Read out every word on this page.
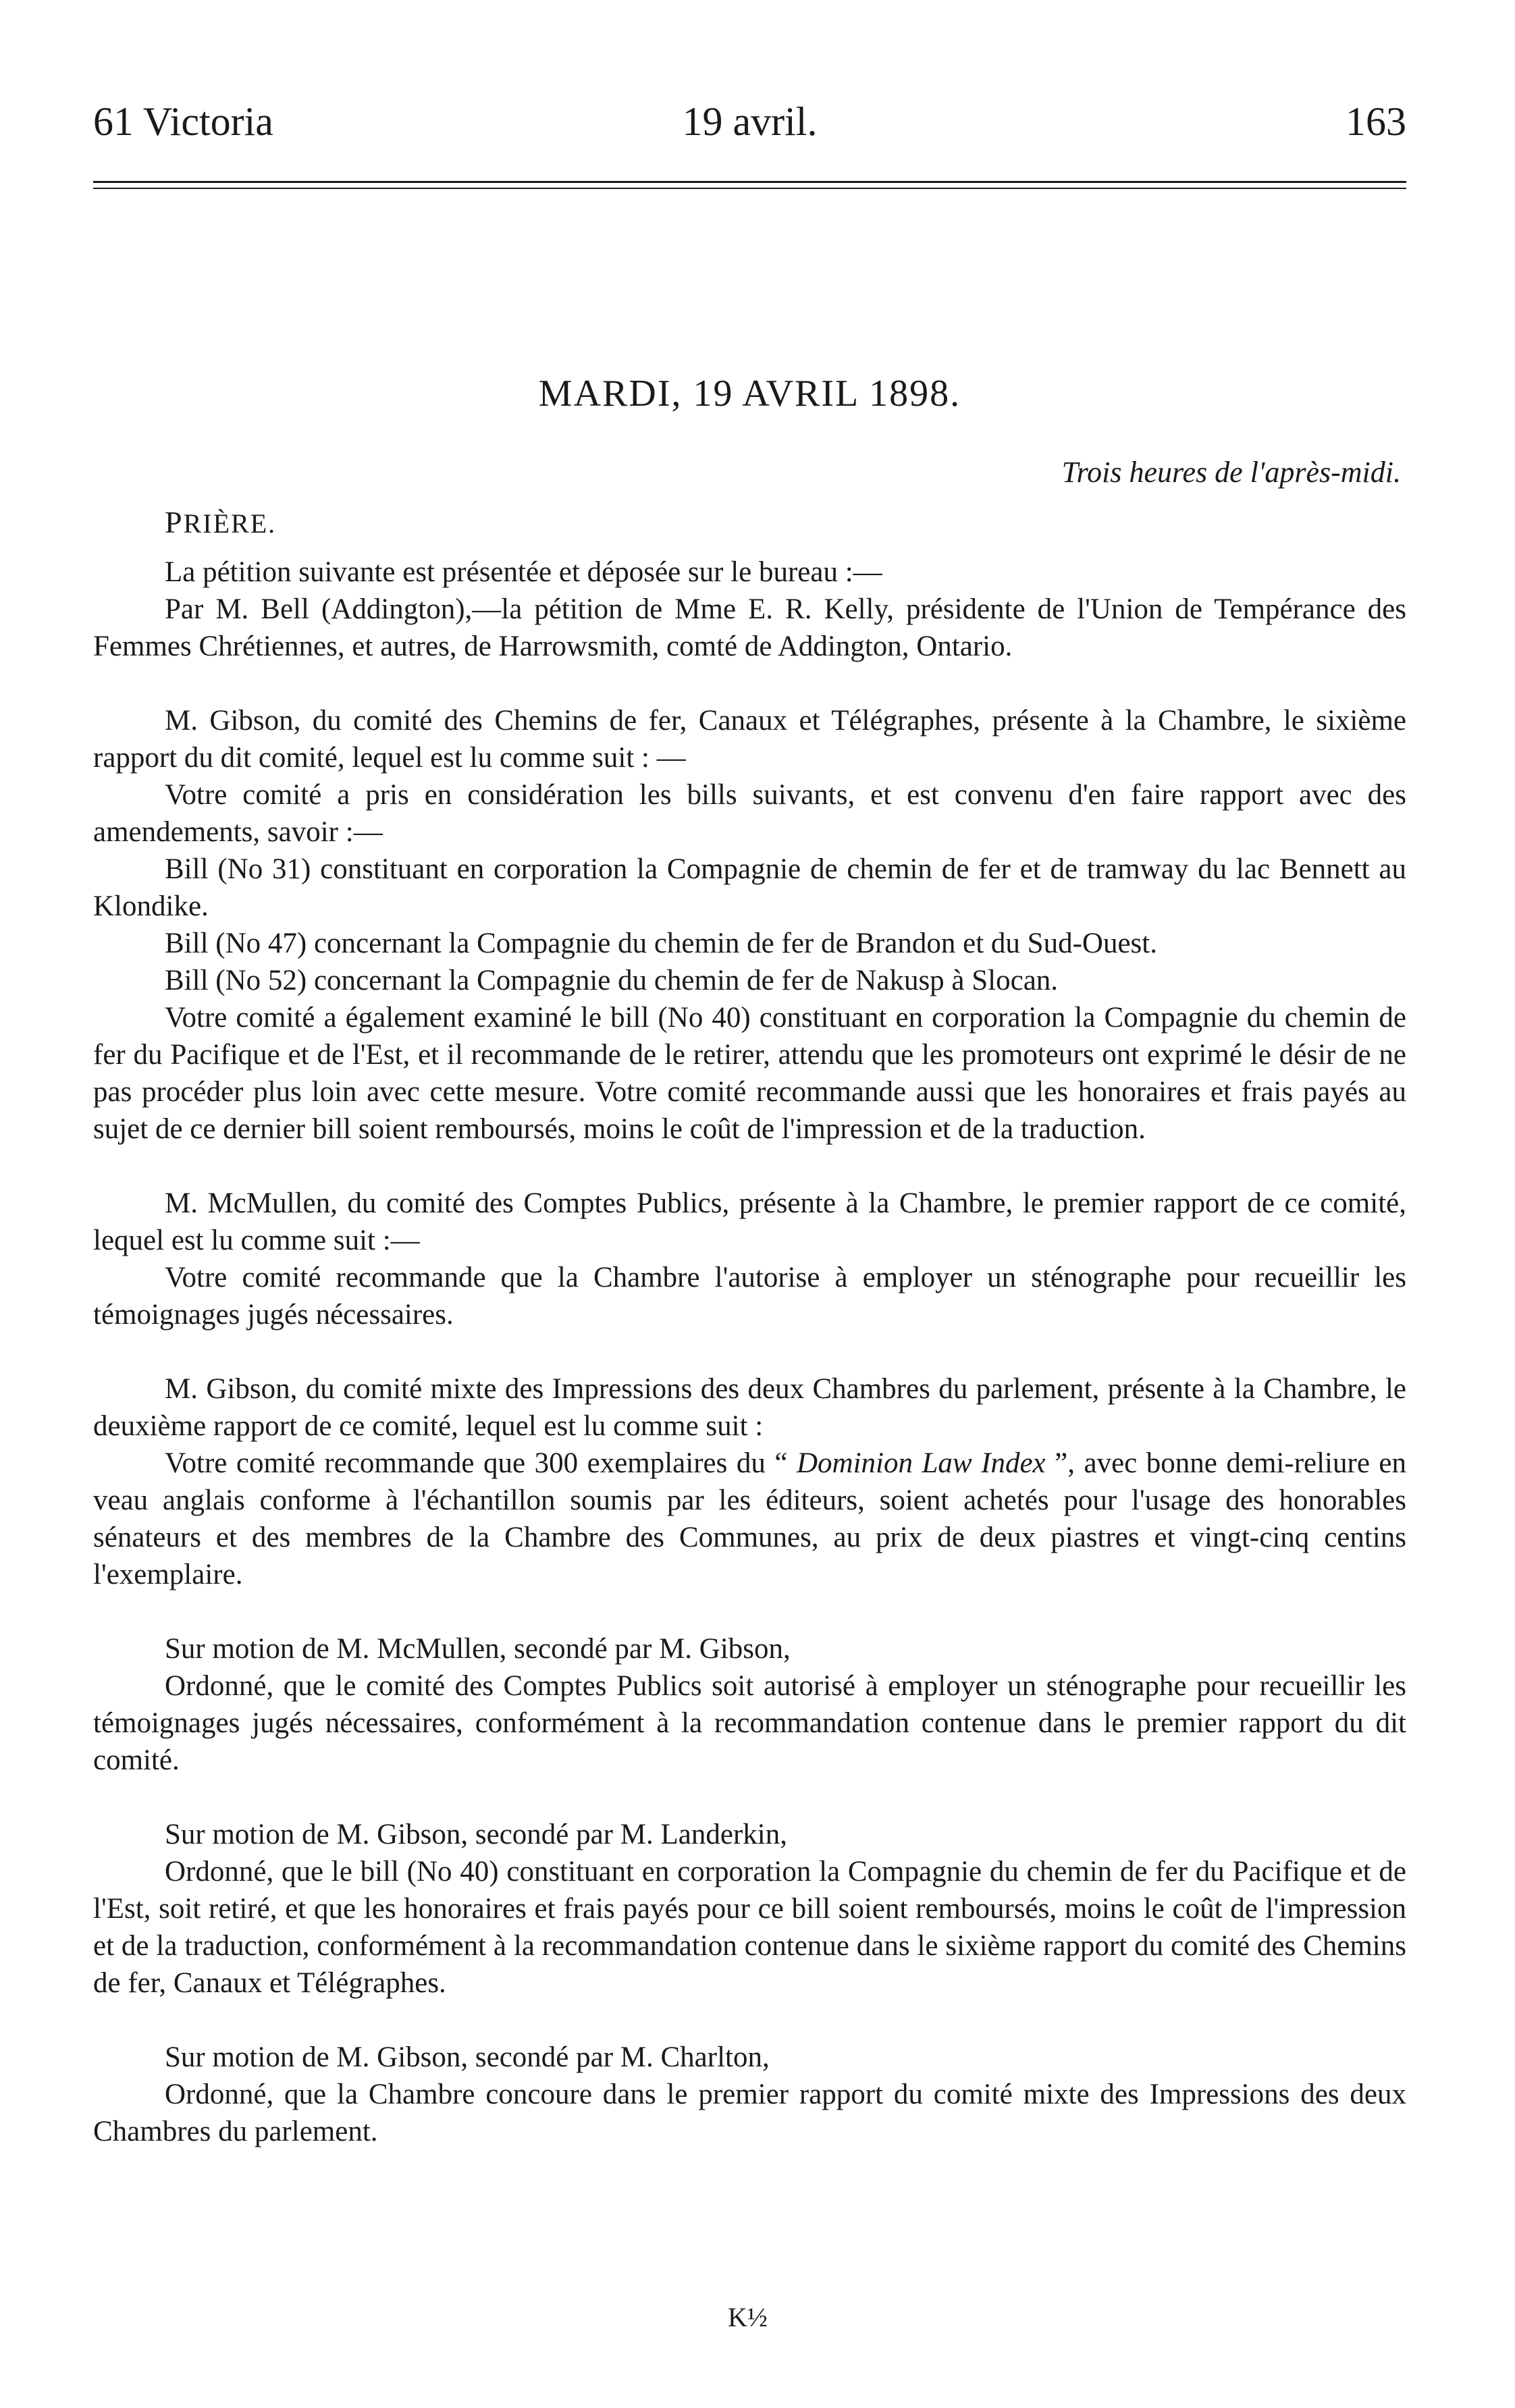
61 Victoria	19 avril.	163
MARDI, 19 AVRIL 1898.
Trois heures de l'après-midi.
PRIÈRE.

La pétition suivante est présentée et déposée sur le bureau :—

Par M. Bell (Addington),—la pétition de Mme E. R. Kelly, présidente de l'Union de Tempérance des Femmes Chrétiennes, et autres, de Harrowsmith, comté de Addington, Ontario.

M. Gibson, du comité des Chemins de fer, Canaux et Télégraphes, présente à la Chambre, le sixième rapport du dit comité, lequel est lu comme suit : —

Votre comité a pris en considération les bills suivants, et est convenu d'en faire rapport avec des amendements, savoir :—

Bill (No 31) constituant en corporation la Compagnie de chemin de fer et de tramway du lac Bennett au Klondike.

Bill (No 47) concernant la Compagnie du chemin de fer de Brandon et du Sud-Ouest.

Bill (No 52) concernant la Compagnie du chemin de fer de Nakusp à Slocan.

Votre comité a également examiné le bill (No 40) constituant en corporation la Compagnie du chemin de fer du Pacifique et de l'Est, et il recommande de le retirer, attendu que les promoteurs ont exprimé le désir de ne pas procéder plus loin avec cette mesure. Votre comité recommande aussi que les honoraires et frais payés au sujet de ce dernier bill soient remboursés, moins le coût de l'impression et de la traduction.

M. McMullen, du comité des Comptes Publics, présente à la Chambre, le premier rapport de ce comité, lequel est lu comme suit :—

Votre comité recommande que la Chambre l'autorise à employer un sténographe pour recueillir les témoignages jugés nécessaires.

M. Gibson, du comité mixte des Impressions des deux Chambres du parlement, présente à la Chambre, le deuxième rapport de ce comité, lequel est lu comme suit :

Votre comité recommande que 300 exemplaires du “ Dominion Law Index ”, avec bonne demi-reliure en veau anglais conforme à l'échantillon soumis par les éditeurs, soient achetés pour l'usage des honorables sénateurs et des membres de la Chambre des Communes, au prix de deux piastres et vingt-cinq centins l'exemplaire.

Sur motion de M. McMullen, secondé par M. Gibson,

Ordonné, que le comité des Comptes Publics soit autorisé à employer un sténographe pour recueillir les témoignages jugés nécessaires, conformément à la recommandation contenue dans le premier rapport du dit comité.

Sur motion de M. Gibson, secondé par M. Landerkin,

Ordonné, que le bill (No 40) constituant en corporation la Compagnie du chemin de fer du Pacifique et de l'Est, soit retiré, et que les honoraires et frais payés pour ce bill soient remboursés, moins le coût de l'impression et de la traduction, conformément à la recommandation contenue dans le sixième rapport du comité des Chemins de fer, Canaux et Télégraphes.

Sur motion de M. Gibson, secondé par M. Charlton,

Ordonné, que la Chambre concoure dans le premier rapport du comité mixte des Impressions des deux Chambres du parlement.

K½
